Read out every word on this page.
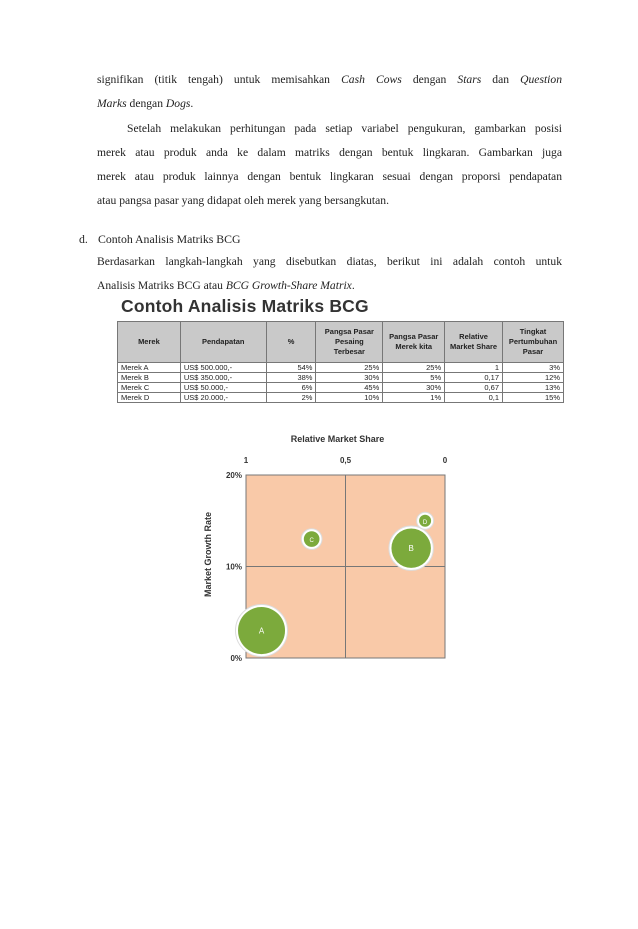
signifikan (titik tengah) untuk memisahkan Cash Cows dengan Stars dan Question
Marks dengan Dogs.
Setelah melakukan perhitungan pada setiap variabel pengukuran, gambarkan posisi
merek atau produk anda ke dalam matriks dengan bentuk lingkaran. Gambarkan juga
merek atau produk lainnya dengan bentuk lingkaran sesuai dengan proporsi pendapatan
atau pangsa pasar yang didapat oleh merek yang bersangkutan.
d. Contoh Analisis Matriks BCG
Berdasarkan langkah-langkah yang disebutkan diatas, berikut ini adalah contoh untuk
Analisis Matriks BCG atau BCG Growth-Share Matrix.
Contoh Analisis Matriks BCG
Merek	Pendapatan	%	Pangsa Pasar Pesaing Terbesar	Pangsa Pasar Merek kita	Relative Market Share	Tingkat Pertumbuhan Pasar
Merek A	US$ 500.000,-	54%	25%	25%	1	3%
Merek B	US$ 350.000,-	38%	30%	5%	0,17	12%
Merek C	US$ 50.000,-	6%	45%	30%	0,67	13%
Merek D	US$ 20.000,-	2%	10%	1%	0,1	15%
Relative Market Share
1	0,5	0
20%
10%
0%
Market Growth Rate
A
B
C
D
